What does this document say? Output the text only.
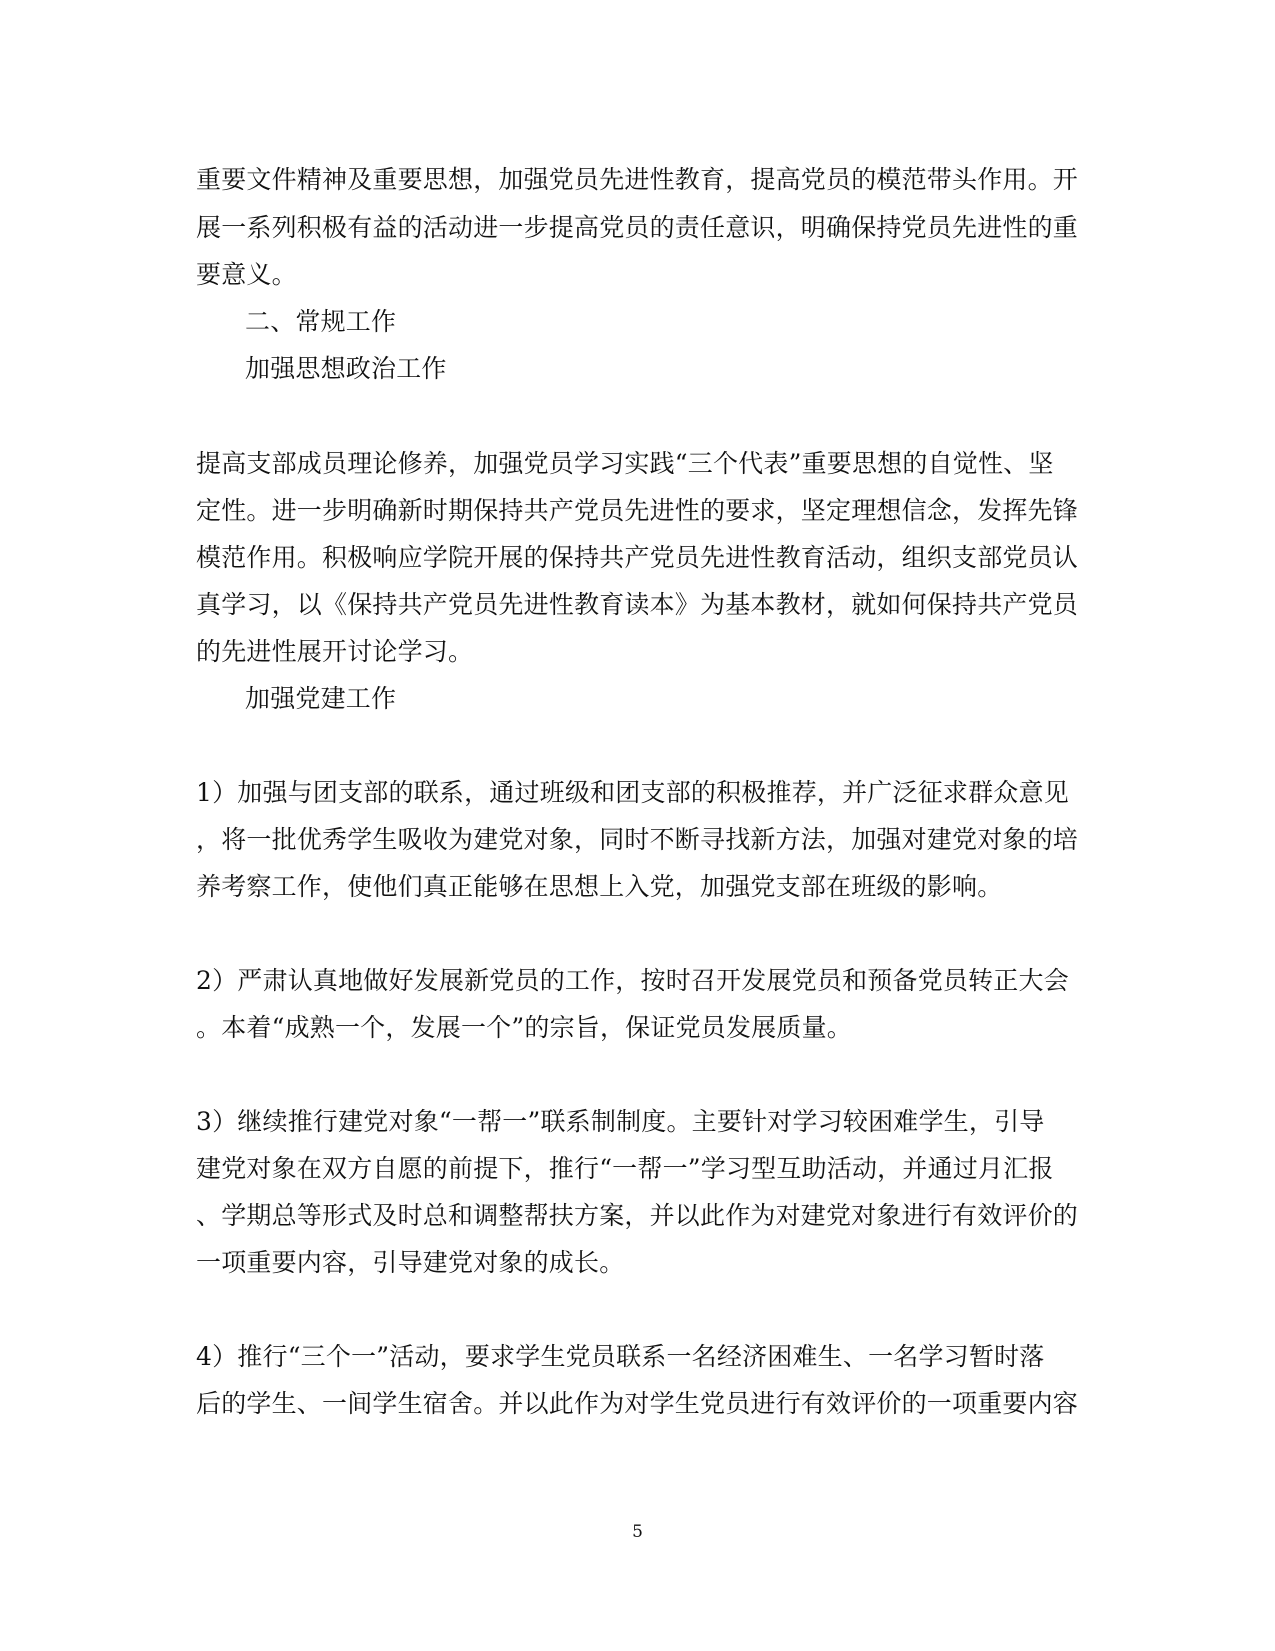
重要文件精神及重要思想，加强党员先进性教育，提高党员的模范带头作用。开
展一系列积极有益的活动进一步提高党员的责任意识，明确保持党员先进性的重
要意义。
二、常规工作
加强思想政治工作
提高支部成员理论修养，加强党员学习实践“三个代表”重要思想的自觉性、坚
定性。进一步明确新时期保持共产党员先进性的要求，坚定理想信念，发挥先锋
模范作用。积极响应学院开展的保持共产党员先进性教育活动，组织支部党员认
真学习，以《保持共产党员先进性教育读本》为基本教材，就如何保持共产党员
的先进性展开讨论学习。
加强党建工作
1）加强与团支部的联系，通过班级和团支部的积极推荐，并广泛征求群众意见
，将一批优秀学生吸收为建党对象，同时不断寻找新方法，加强对建党对象的培
养考察工作，使他们真正能够在思想上入党，加强党支部在班级的影响。
2）严肃认真地做好发展新党员的工作，按时召开发展党员和预备党员转正大会
。本着“成熟一个，发展一个”的宗旨，保证党员发展质量。
3）继续推行建党对象“一帮一”联系制制度。主要针对学习较困难学生，引导
建党对象在双方自愿的前提下，推行“一帮一”学习型互助活动，并通过月汇报
、学期总等形式及时总和调整帮扶方案，并以此作为对建党对象进行有效评价的
一项重要内容，引导建党对象的成长。
4）推行“三个一”活动，要求学生党员联系一名经济困难生、一名学习暂时落
后的学生、一间学生宿舍。并以此作为对学生党员进行有效评价的一项重要内容
5
